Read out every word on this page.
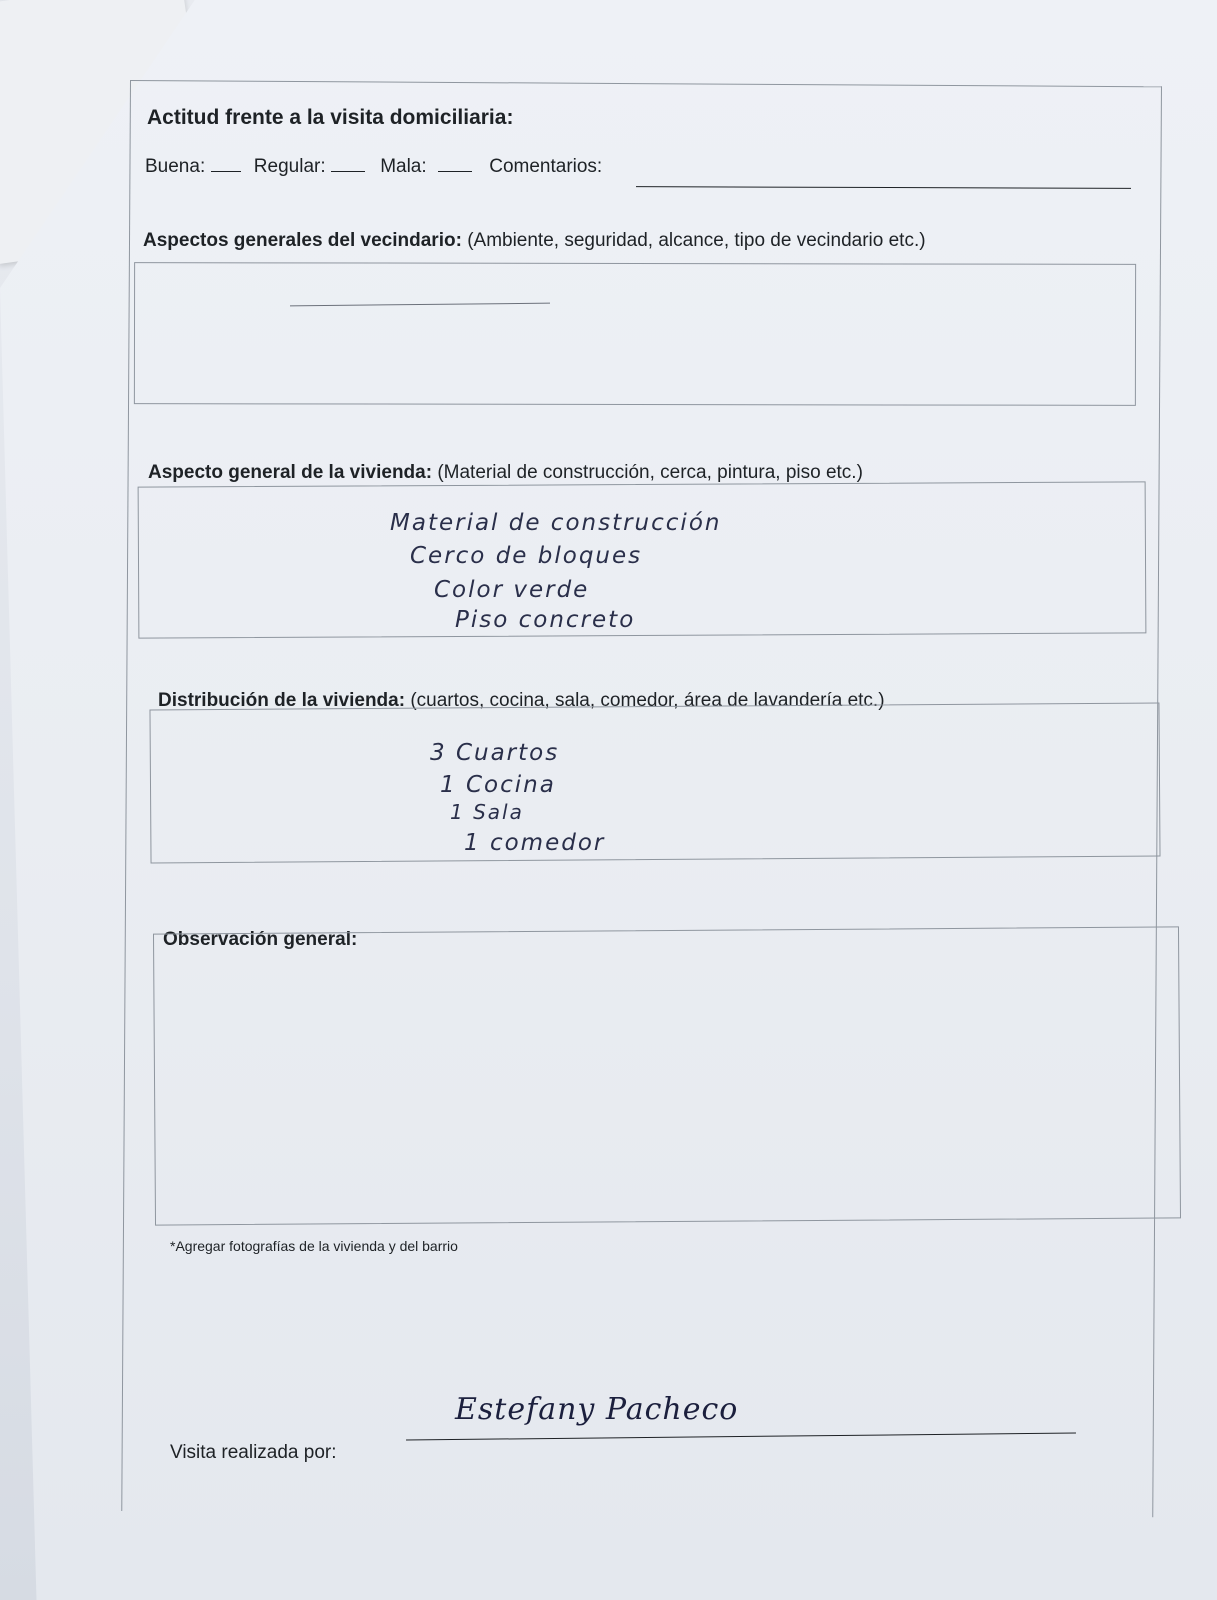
Actitud frente a la visita domiciliaria:
Buena:	Regular:	Mala:	Comentarios:
Aspectos generales del vecindario: (Ambiente, seguridad, alcance, tipo de vecindario etc.)
Aspecto general de la vivienda: (Material de construcción, cerca, pintura, piso etc.)
Material de construcción
Cerco de bloques
Color verde
Piso concreto
Distribución de la vivienda: (cuartos, cocina, sala, comedor, área de lavandería etc.)
3 Cuartos
1 Cocina
1 Sala
1 comedor
Observación general:
*Agregar fotografías de la vivienda y del barrio
Visita realizada por:
Estefany Pacheco
